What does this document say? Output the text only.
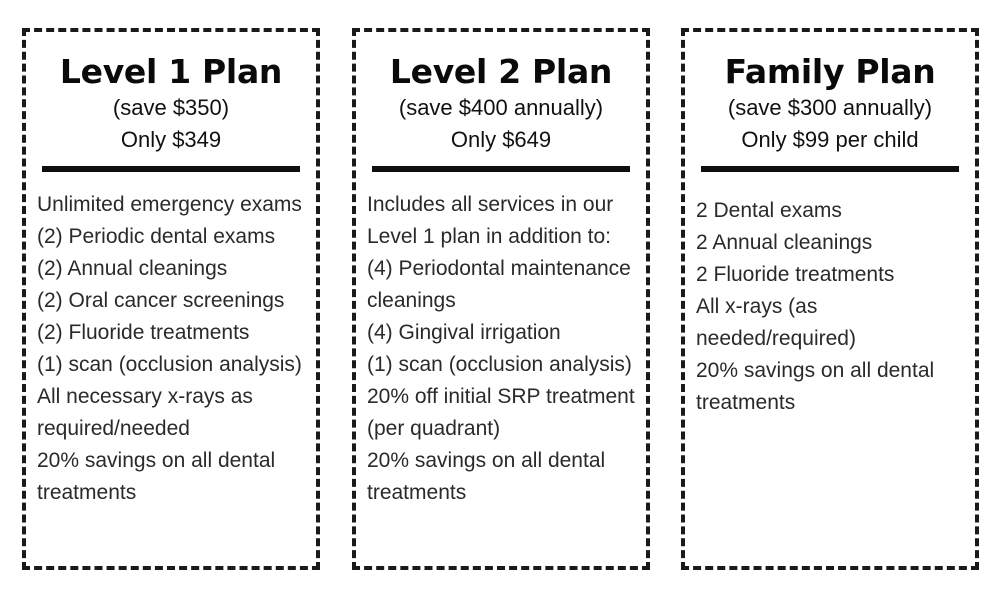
Level 1 Plan
(save $350)
Only $349
Unlimited emergency exams
(2) Periodic dental exams
(2) Annual cleanings
(2) Oral cancer screenings
(2) Fluoride treatments
(1) scan (occlusion analysis)
All necessary x-rays as required/needed
20% savings on all dental treatments
Level 2 Plan
(save $400 annually)
Only $649
Includes all services in our Level 1 plan in addition to:
(4) Periodontal maintenance cleanings
(4) Gingival irrigation
(1) scan (occlusion analysis)
20% off initial SRP treatment (per quadrant)
20% savings on all dental treatments
Family Plan
(save $300 annually)
Only $99 per child
2 Dental exams
2 Annual cleanings
2 Fluoride treatments
All x-rays (as needed/required)
20% savings on all dental treatments
